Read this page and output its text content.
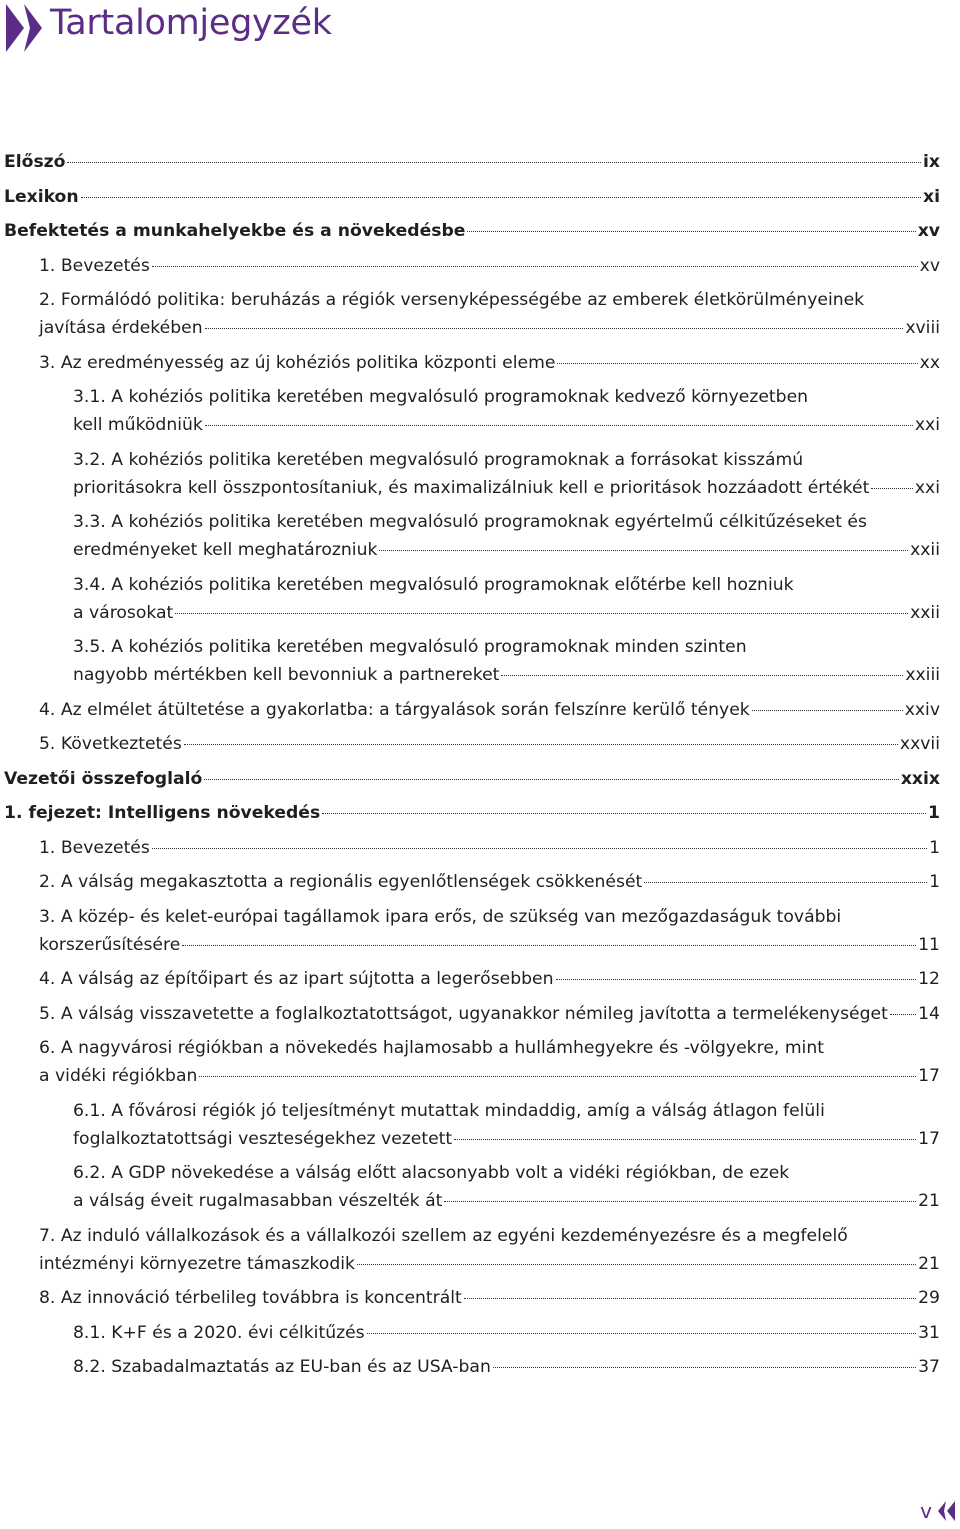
Tartalomjegyzék
Előszó	ix
Lexikon	xi
Befektetés a munkahelyekbe és a növekedésbe	xv
1. Bevezetés	xv
2. Formálódó politika: beruházás a régiók versenyképességébe az emberek életkörülményeinek
javítása érdekében	xviii
3. Az eredményesség az új kohéziós politika központi eleme	xx
3.1. A kohéziós politika keretében megvalósuló programoknak kedvező környezetben
kell működniük	xxi
3.2. A kohéziós politika keretében megvalósuló programoknak a forrásokat kisszámú
prioritásokra kell összpontosítaniuk, és maximalizálniuk kell e prioritások hozzáadott értékét	xxi
3.3. A kohéziós politika keretében megvalósuló programoknak egyértelmű célkitűzéseket és
eredményeket kell meghatározniuk	xxii
3.4. A kohéziós politika keretében megvalósuló programoknak előtérbe kell hozniuk
a városokat	xxii
3.5. A kohéziós politika keretében megvalósuló programoknak minden szinten
nagyobb mértékben kell bevonniuk a partnereket	xxiii
4. Az elmélet átültetése a gyakorlatba: a tárgyalások során felszínre kerülő tények	xxiv
5. Következtetés	xxvii
Vezetői összefoglaló	xxix
1. fejezet: Intelligens növekedés	1
1. Bevezetés	1
2. A válság megakasztotta a regionális egyenlőtlenségek csökkenését	1
3. A közép- és kelet-európai tagállamok ipara erős, de szükség van mezőgazdaságuk további
korszerűsítésére	11
4. A válság az építőipart és az ipart sújtotta a legerősebben	12
5. A válság visszavetette a foglalkoztatottságot, ugyanakkor némileg javította a termelékenységet 14
6. A nagyvárosi régiókban a növekedés hajlamosabb a hullámhegyekre és -völgyekre, mint
a vidéki régiókban	17
6.1. A fővárosi régiók jó teljesítményt mutattak mindaddig, amíg a válság átlagon felüli
foglalkoztatottsági veszteségekhez vezetett	17
6.2. A GDP növekedése a válság előtt alacsonyabb volt a vidéki régiókban, de ezek
a válság éveit rugalmasabban vészelték át	21
7. Az induló vállalkozások és a vállalkozói szellem az egyéni kezdeményezésre és a megfelelő
intézményi környezetre támaszkodik	21
8. Az innováció térbelileg továbbra is koncentrált	29
8.1. K+F és a 2020. évi célkitűzés	31
8.2. Szabadalmaztatás az EU-ban és az USA-ban	37
v
